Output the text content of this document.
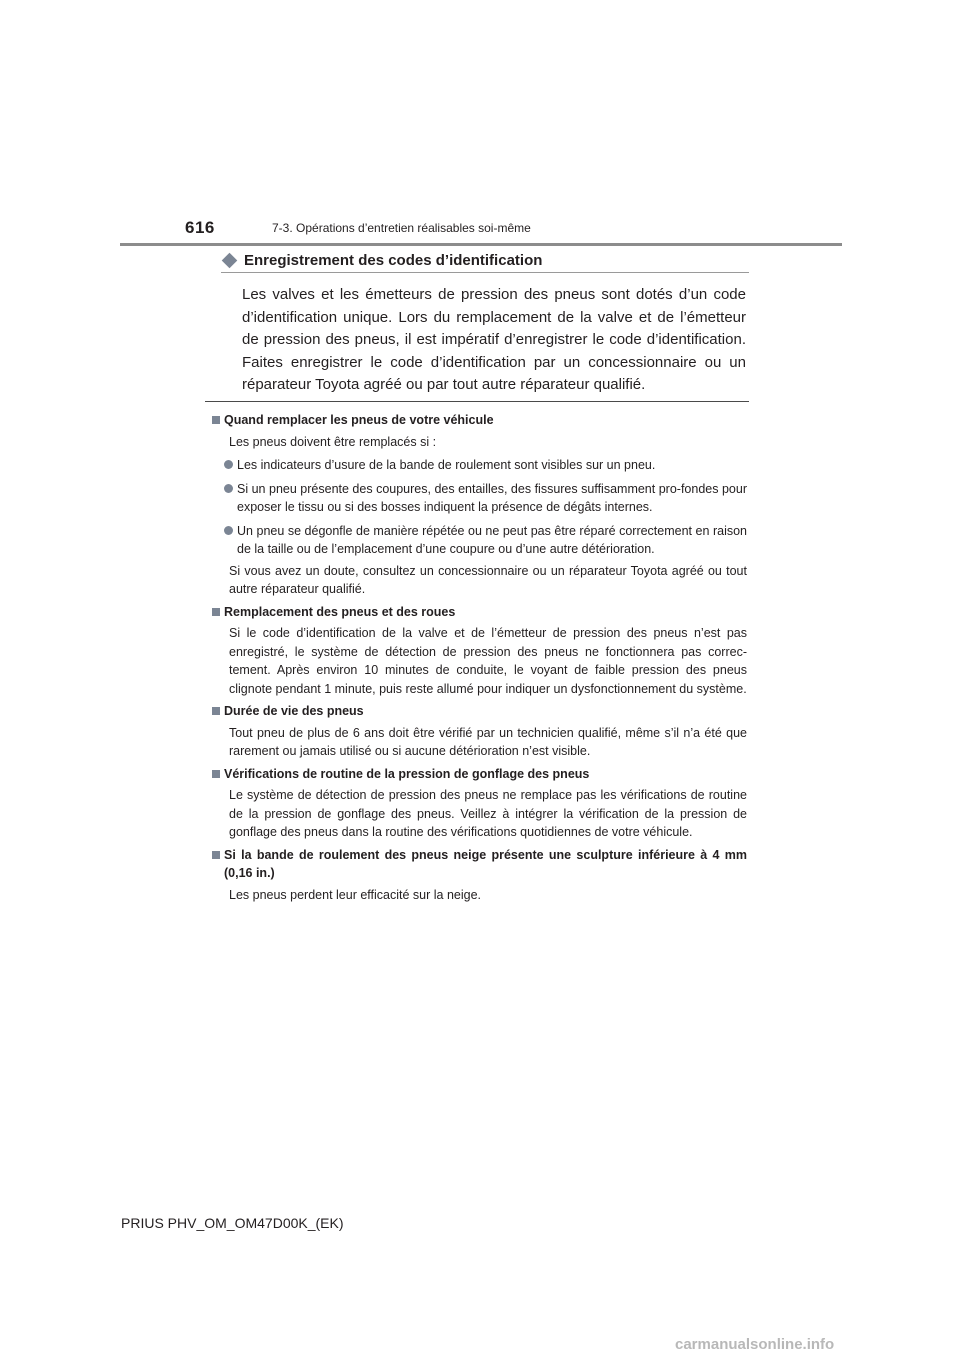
616	7-3. Opérations d’entretien réalisables soi-même
Enregistrement des codes d’identification

Les valves et les émetteurs de pression des pneus sont dotés d’un code d’identification unique. Lors du remplacement de la valve et de l’émetteur de pression des pneus, il est impératif d’enregistrer le code d’identification. Faites enregistrer le code d’identification par un concessionnaire ou un réparateur Toyota agréé ou par tout autre réparateur qualifié.

Quand remplacer les pneus de votre véhicule
Les pneus doivent être remplacés si :
Les indicateurs d’usure de la bande de roulement sont visibles sur un pneu.
Si un pneu présente des coupures, des entailles, des fissures suffisamment pro-fondes pour exposer le tissu ou si des bosses indiquent la présence de dégâts internes.
Un pneu se dégonfle de manière répétée ou ne peut pas être réparé correctement en raison de la taille ou de l’emplacement d’une coupure ou d’une autre détérioration.
Si vous avez un doute, consultez un concessionnaire ou un réparateur Toyota agréé ou tout autre réparateur qualifié.
Remplacement des pneus et des roues
Si le code d’identification de la valve et de l’émetteur de pression des pneus n’est pas enregistré, le système de détection de pression des pneus ne fonctionnera pas correc-tement. Après environ 10 minutes de conduite, le voyant de faible pression des pneus clignote pendant 1 minute, puis reste allumé pour indiquer un dysfonctionnement du système.
Durée de vie des pneus
Tout pneu de plus de 6 ans doit être vérifié par un technicien qualifié, même s’il n’a été que rarement ou jamais utilisé ou si aucune détérioration n’est visible.
Vérifications de routine de la pression de gonflage des pneus
Le système de détection de pression des pneus ne remplace pas les vérifications de routine de la pression de gonflage des pneus. Veillez à intégrer la vérification de la pression de gonflage des pneus dans la routine des vérifications quotidiennes de votre véhicule.
Si la bande de roulement des pneus neige présente une sculpture inférieure à 4 mm (0,16 in.)
Les pneus perdent leur efficacité sur la neige.
PRIUS PHV_OM_OM47D00K_(EK)
carmanualsonline.info
